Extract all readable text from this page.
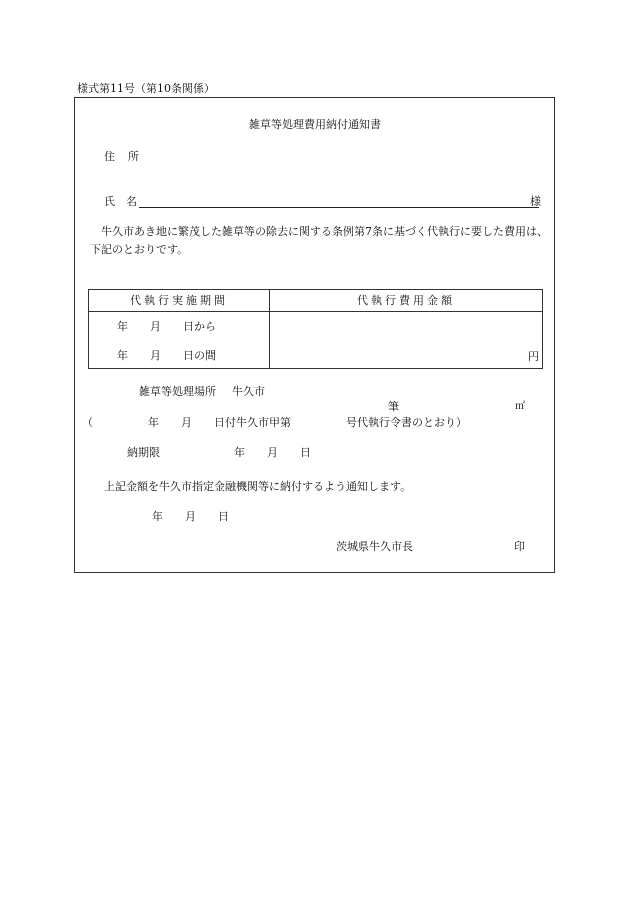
様式第11号（第10条関係）
雑草等処理費用納付通知書
住　所
氏　名	様
牛久市あき地に繁茂した雑草等の除去に関する条例第7条に基づく代執行に要した費用は、下記のとおりです。
代執行実施期間	代執行費用金額
年　　月　　日から
年　　月　　日の間	円
雑草等処理場所 牛久市
筆	㎡
（　　　　　年　　月　　日付牛久市甲第　　　　　号代執行令書のとおり）
納期限	年　　月　　日
上記金額を牛久市指定金融機関等に納付するよう通知します。
年　　月　　日
茨城県牛久市長	印
